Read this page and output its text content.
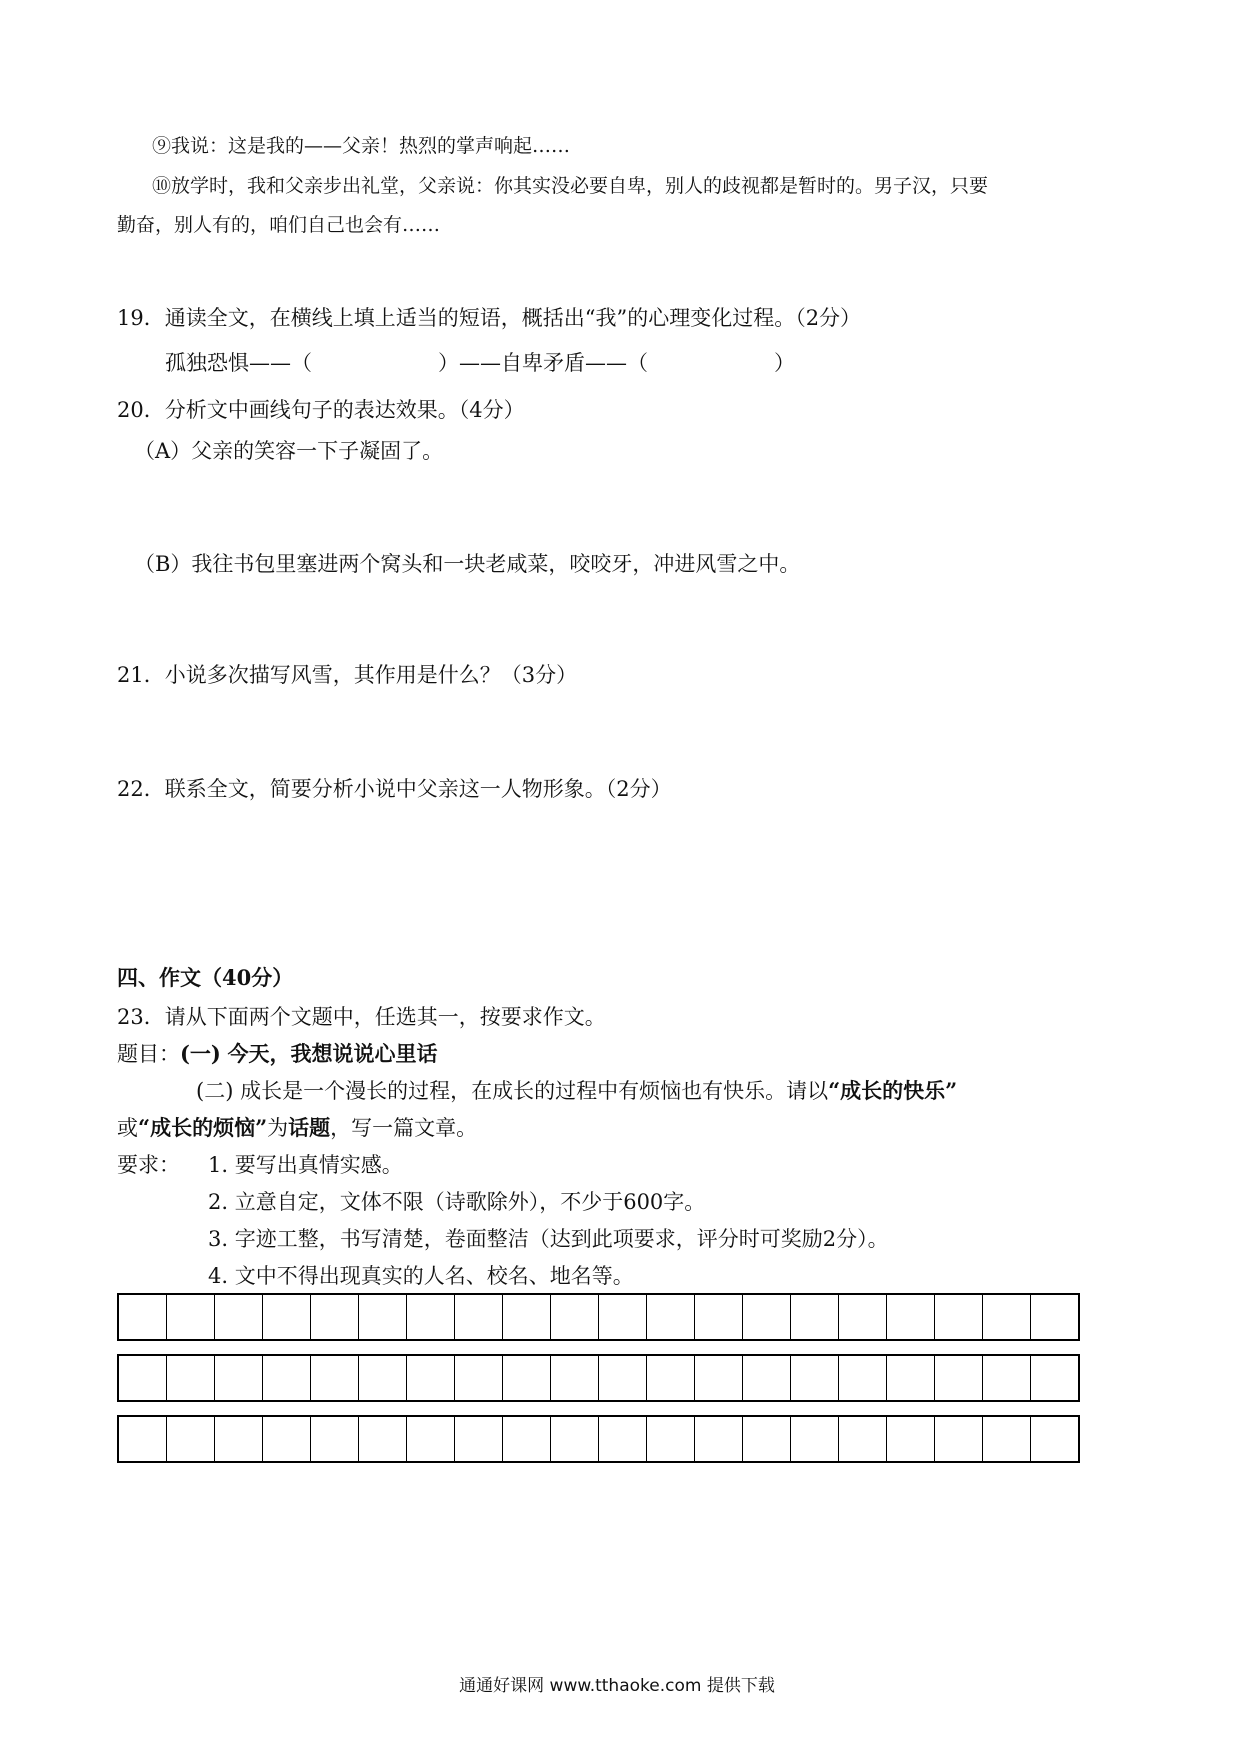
⑨我说：这是我的——父亲！热烈的掌声响起……
⑩放学时，我和父亲步出礼堂，父亲说：你其实没必要自卑，别人的歧视都是暂时的。男子汉，只要
勤奋，别人有的，咱们自己也会有……
19．通读全文，在横线上填上适当的短语，概括出“我”的心理变化过程。（2分）
孤独恐惧——（　　　　　　）——自卑矛盾——（　　　　　　）
20．分析文中画线句子的表达效果。（4分）
（A）父亲的笑容一下子凝固了。
（B）我往书包里塞进两个窝头和一块老咸菜，咬咬牙，冲进风雪之中。
21．小说多次描写风雪，其作用是什么？（3分）
22．联系全文，简要分析小说中父亲这一人物形象。（2分）
四、作文（40分）
23．请从下面两个文题中，任选其一，按要求作文。
题目：(一) 今天，我想说说心里话
(二) 成长是一个漫长的过程，在成长的过程中有烦恼也有快乐。请以“成长的快乐”
或“成长的烦恼”为话题，写一篇文章。
要求： 1. 要写出真情实感。
2. 立意自定，文体不限（诗歌除外），不少于600字。
3. 字迹工整，书写清楚，卷面整洁（达到此项要求，评分时可奖励2分）。
4. 文中不得出现真实的人名、校名、地名等。
通通好课网 www.tthaoke.com 提供下载
